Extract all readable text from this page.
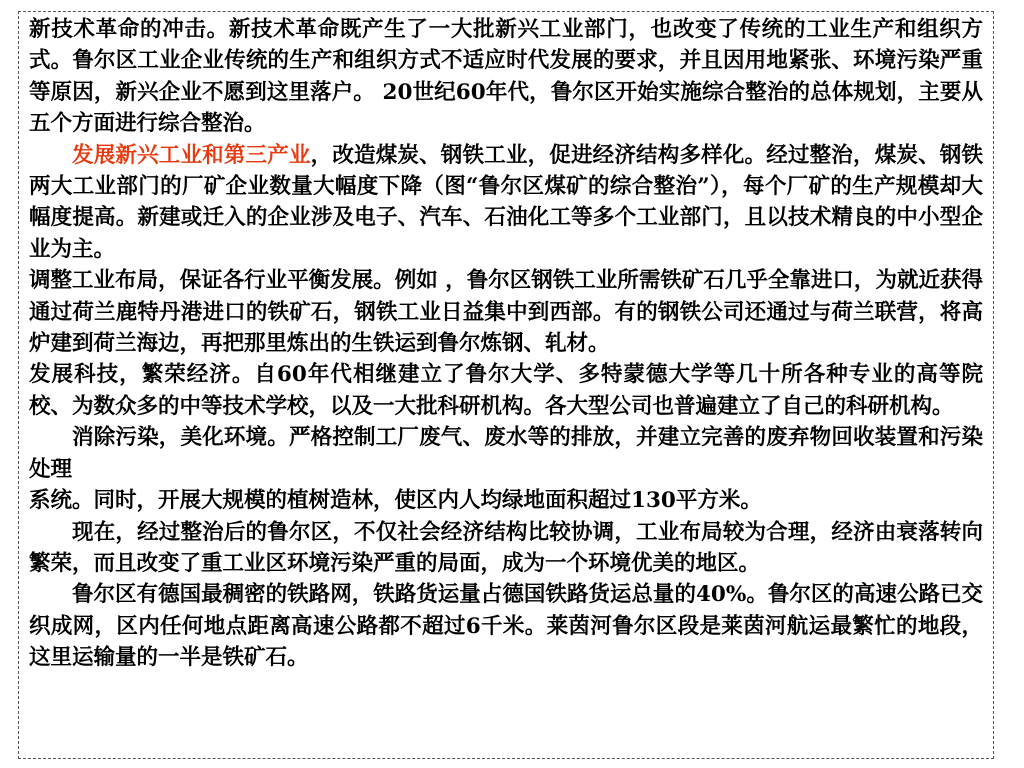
新技术革命的冲击。新技术革命既产生了一大批新兴工业部门，也改变了传统的工业生产和组织方式。鲁尔区工业企业传统的生产和组织方式不适应时代发展的要求，并且因用地紧张、环境污染严重等原因，新兴企业不愿到这里落户。 20世纪60年代，鲁尔区开始实施综合整治的总体规划，主要从五个方面进行综合整治。

发展新兴工业和第三产业，改造煤炭、钢铁工业，促进经济结构多样化。经过整治，煤炭、钢铁两大工业部门的厂矿企业数量大幅度下降（图“鲁尔区煤矿的综合整治”），每个厂矿的生产规模却大幅度提高。新建或迁入的企业涉及电子、汽车、石油化工等多个工业部门，且以技术精良的中小型企业为主。

调整工业布局，保证各行业平衡发展。例如 ，鲁尔区钢铁工业所需铁矿石几乎全靠进口，为就近获得通过荷兰鹿特丹港进口的铁矿石，钢铁工业日益集中到西部。有的钢铁公司还通过与荷兰联营，将高炉建到荷兰海边，再把那里炼出的生铁运到鲁尔炼钢、轧材。

发展科技，繁荣经济。自60年代相继建立了鲁尔大学、多特蒙德大学等几十所各种专业的高等院校、为数众多的中等技术学校，以及一大批科研机构。各大型公司也普遍建立了自己的科研机构。

消除污染，美化环境。严格控制工厂废气、废水等的排放，并建立完善的废弃物回收装置和污染处理

系统。同时，开展大规模的植树造林，使区内人均绿地面积超过130平方米。

现在，经过整治后的鲁尔区，不仅社会经济结构比较协调，工业布局较为合理，经济由衰落转向繁荣，而且改变了重工业区环境污染严重的局面，成为一个环境优美的地区。

鲁尔区有德国最稠密的铁路网，铁路货运量占德国铁路货运总量的40%。鲁尔区的高速公路已交织成网，区内任何地点距离高速公路都不超过6千米。莱茵河鲁尔区段是莱茵河航运最繁忙的地段，这里运输量的一半是铁矿石。
